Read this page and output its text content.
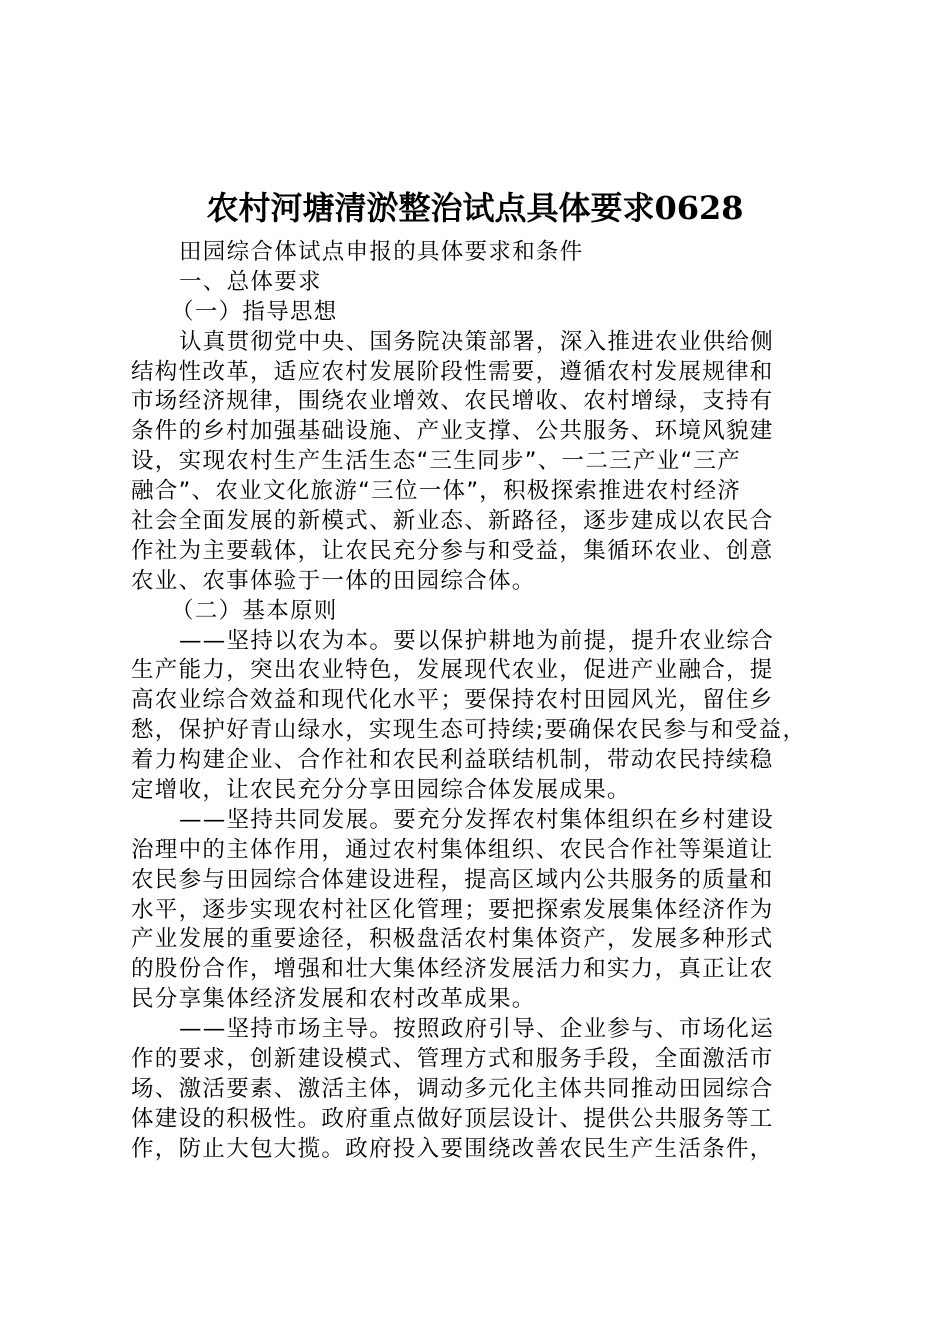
农村河塘清淤整治试点具体要求0628
田园综合体试点申报的具体要求和条件
一、总体要求
（一）指导思想
认真贯彻党中央、国务院决策部署，深入推进农业供给侧
结构性改革，适应农村发展阶段性需要，遵循农村发展规律和
市场经济规律，围绕农业增效、农民增收、农村增绿，支持有
条件的乡村加强基础设施、产业支撑、公共服务、环境风貌建
设，实现农村生产生活生态“三生同步”、一二三产业“三产
融合”、农业文化旅游“三位一体”，积极探索推进农村经济
社会全面发展的新模式、新业态、新路径，逐步建成以农民合
作社为主要载体，让农民充分参与和受益，集循环农业、创意
农业、农事体验于一体的田园综合体。
（二）基本原则
——坚持以农为本。要以保护耕地为前提，提升农业综合
生产能力，突出农业特色，发展现代农业，促进产业融合，提
高农业综合效益和现代化水平；要保持农村田园风光，留住乡
愁，保护好青山绿水，实现生态可持续;要确保农民参与和受益，
着力构建企业、合作社和农民利益联结机制，带动农民持续稳
定增收，让农民充分分享田园综合体发展成果。
——坚持共同发展。要充分发挥农村集体组织在乡村建设
治理中的主体作用，通过农村集体组织、农民合作社等渠道让
农民参与田园综合体建设进程，提高区域内公共服务的质量和
水平，逐步实现农村社区化管理；要把探索发展集体经济作为
产业发展的重要途径，积极盘活农村集体资产，发展多种形式
的股份合作，增强和壮大集体经济发展活力和实力，真正让农
民分享集体经济发展和农村改革成果。
——坚持市场主导。按照政府引导、企业参与、市场化运
作的要求，创新建设模式、管理方式和服务手段，全面激活市
场、激活要素、激活主体，调动多元化主体共同推动田园综合
体建设的积极性。政府重点做好顶层设计、提供公共服务等工
作，防止大包大揽。政府投入要围绕改善农民生产生活条件，
